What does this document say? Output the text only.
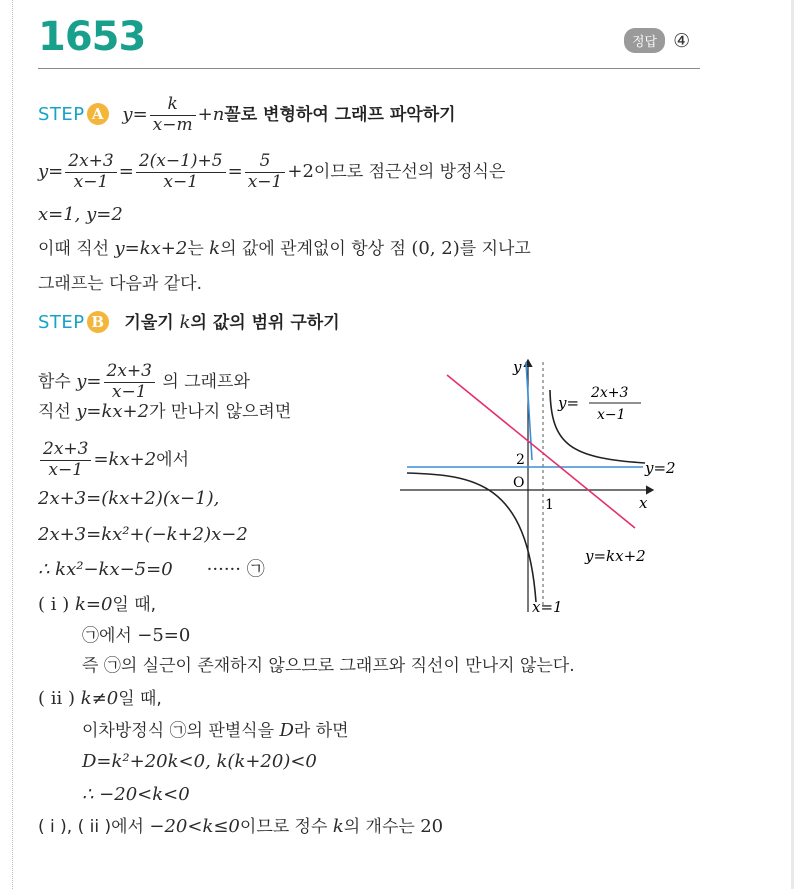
1653	정답 ④
STEP A $y= \frac{k}{x-m} +n$꼴로 변형하여 그래프 파악하기
$y= \frac{2x+3}{x-1} = \frac{2(x-1)+5}{x-1} = \frac{5}{x-1} +2$이므로 점근선의 방정식은
x=1, y=2
이때 직선 y=kx+2는 k의 값에 관계없이 항상 점 (0, 2)를 지나고
그래프는 다음과 같다.
STEP B 기울기 k의 값의 범위 구하기
함수 $y= \frac{2x+3}{x-1}$ 의 그래프와
직선 y=kx+2가 만나지 않으려면
$\frac{2x+3}{x-1} =kx+2$에서
2x+3=(kx+2)(x−1),
2x+3=kx²+(−k+2)x−2
∴ kx²−kx−5=0 ······ ㉠
( i ) k=0일 때,
㉠에서 −5=0
즉 ㉠의 실근이 존재하지 않으므로 그래프와 직선이 만나지 않는다.
( ii ) k≠0일 때,
이차방정식 ㉠의 판별식을 D라 하면
D=k²+20k<0, k(k+20)<0
∴ −20<k<0
( i ), ( ii )에서 −20<k≤0이므로 정수 k의 개수는 20
y
x
O
2
1
y=
2x+3
x−1
y=2
y=kx+2
x=1
